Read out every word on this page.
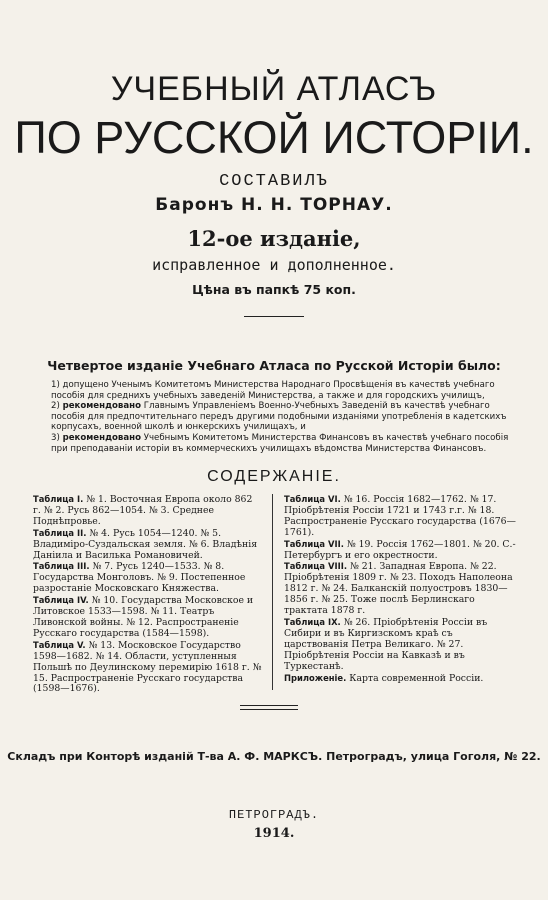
УЧЕБНЫЙ АТЛАСЪ
ПО РУССКОЙ ИСТОРІИ.
СОСТАВИЛЪ
Баронъ Н. Н. ТОРНАУ.
12-ое изданіе,
исправленное и дополненное.
Цѣна въ папкѣ 75 коп.
Четвертое изданіе Учебнаго Атласа по Русской Исторіи было:

1) допущено Ученымъ Комитетомъ Министерства Народнаго Просвѣщенія въ качествѣ учебнаго пособія для среднихъ учебныхъ заведеній Министерства, а также и для городскихъ училищъ,

2) рекомендовано Главнымъ Управленіемъ Военно-Учебныхъ Заведеній въ качествѣ учебнаго пособія для предпочтительнаго передъ другими подобными изданіями употребленія в кадетскихъ корпусахъ, военной школѣ и юнкерскихъ училищахъ, и

3) рекомендовано Учебнымъ Комитетомъ Министерства Финансовъ въ качествѣ учебнаго пособія при преподаваніи исторіи въ коммерческихъ училищахъ вѣдомства Министерства Финансовъ.

СОДЕРЖАНІЕ.
Таблица I. № 1. Восточная Европа около 862 г. № 2. Русь 862—1054. № 3. Среднее Поднѣпровье.
Таблица II. № 4. Русь 1054—1240. № 5. Владиміро-Суздальская земля. № 6. Владѣнія Даніила и Василька Романовичей.
Таблица III. № 7. Русь 1240—1533. № 8. Государства Монголовъ. № 9. Постепенное разростаніе Московскаго Княжества.
Таблица IV. № 10. Государства Московское и Литовское 1533—1598. № 11. Театръ Ливонской войны. № 12. Распространеніе Русскаго государства (1584—1598).
Таблица V. № 13. Московское Государство 1598—1682. № 14. Области, уступленныя Польшѣ по Деулинскому перемирію 1618 г. № 15. Распространеніе Русскаго государства (1598—1676).
Таблица VI. № 16. Россія 1682—1762. № 17. Пріобрѣтенія Россіи 1721 и 1743 г.г. № 18. Распространеніе Русскаго государства (1676—1761).
Таблица VII. № 19. Россія 1762—1801. № 20. С.-Петербургъ и его окрестности.
Таблица VIII. № 21. Западная Европа. № 22. Пріобрѣтенія 1809 г. № 23. Походъ Наполеона 1812 г. № 24. Балканскій полуостровъ 1830—1856 г. № 25. Тоже послѣ Берлинскаго трактата 1878 г.
Таблица IX. № 26. Пріобрѣтенія Россіи въ Сибири и въ Киргизскомъ краѣ съ царствованія Петра Великаго. № 27. Пріобрѣтенія Россіи на Кавказѣ и въ Туркестанѣ.
Приложеніе. Карта современной Россіи.
Складъ при Конторѣ изданій Т-ва А. Ф. МАРКСЪ. Петроградъ, улица Гоголя, № 22.
ПЕТРОГРАДЪ.
1914.
